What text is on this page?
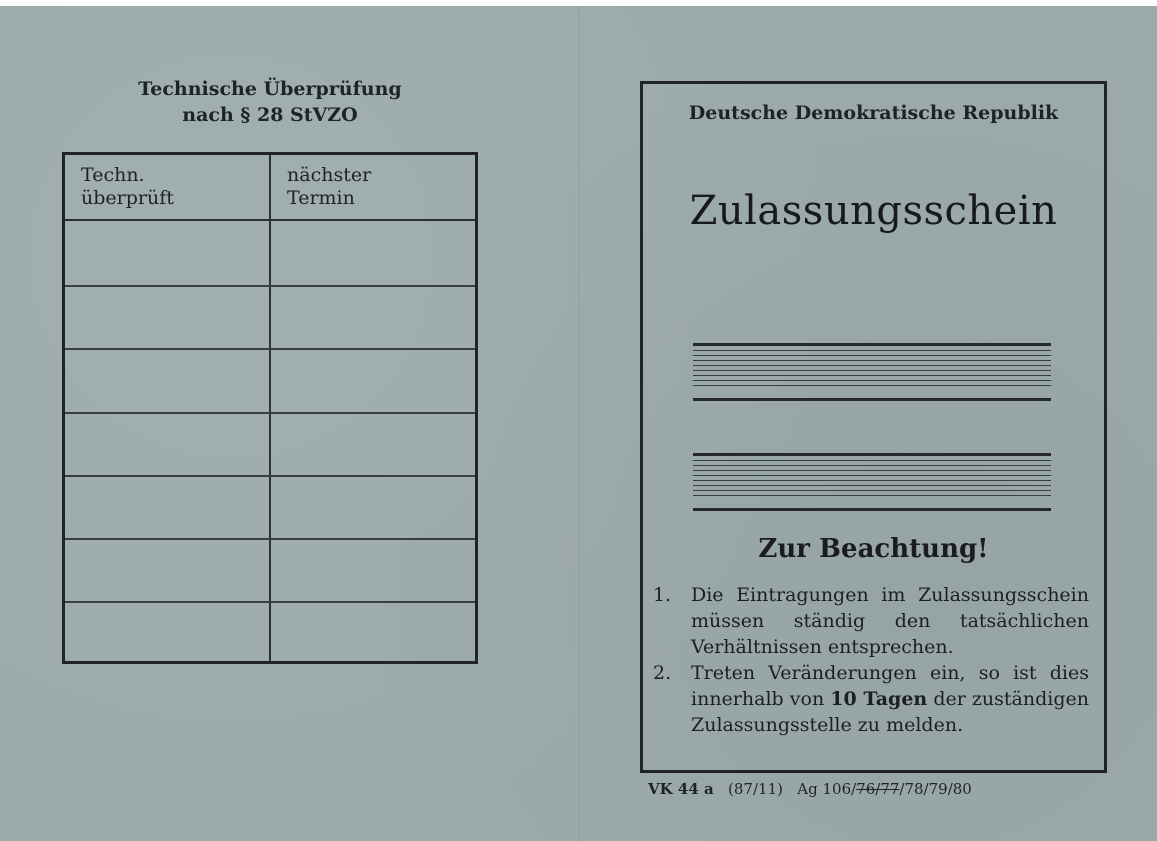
Technische Überprüfung
nach § 28 StVZO
Techn.
überprüft
nächster
Termin
Deutsche Demokratische Republik
Zulassungsschein
Zur Beachtung!
1. Die Eintragungen im Zulassungsschein müssen ständig den tatsächlichen Verhältnissen entsprechen.
2. Treten Veränderungen ein, so ist dies innerhalb von 10 Tagen der zuständigen Zulassungsstelle zu melden.
VK 44 a (87/11) Ag 106/76/77/78/79/80
